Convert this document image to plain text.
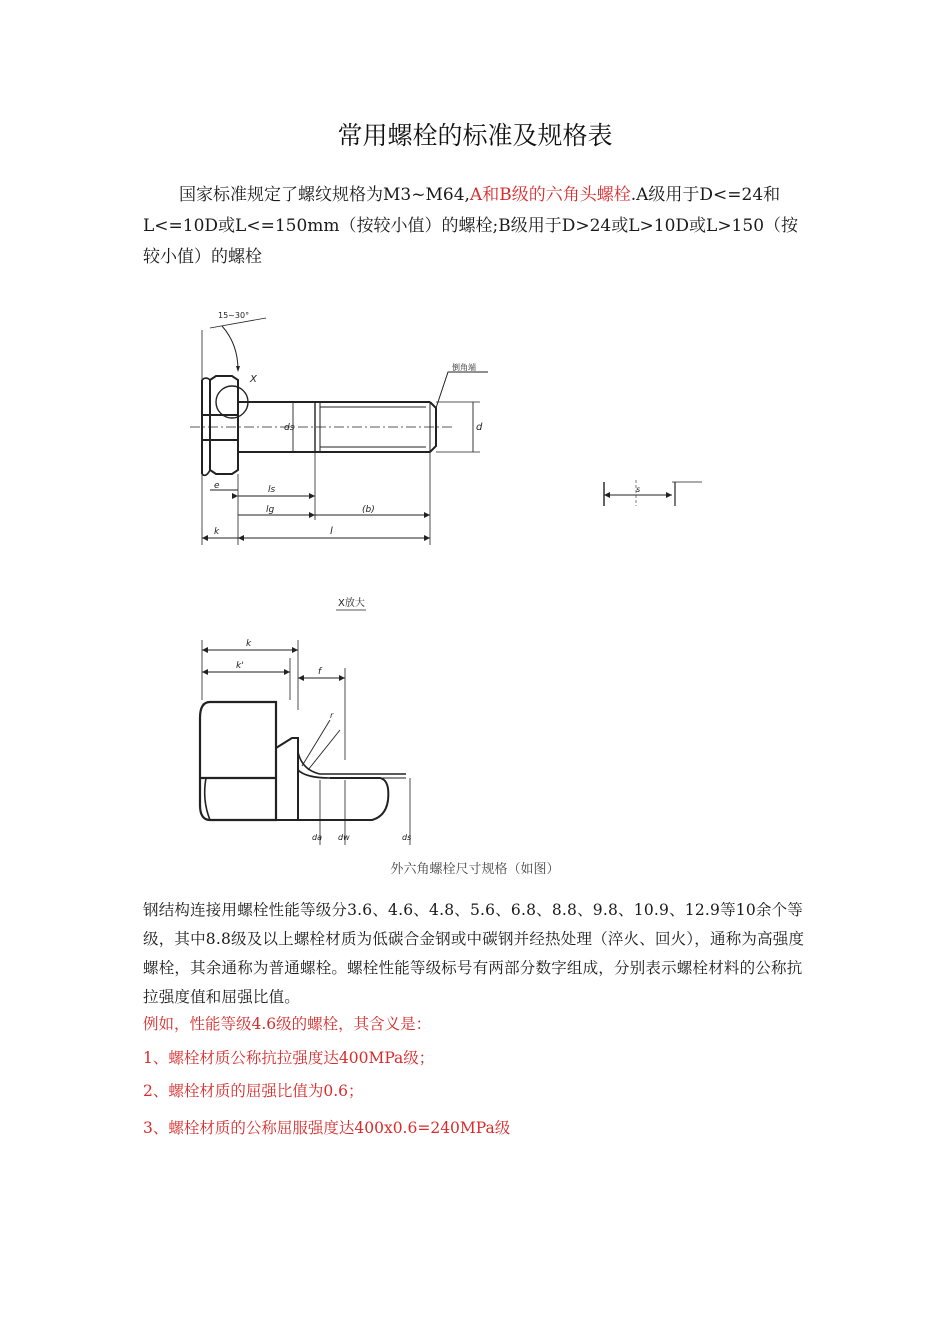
常用螺栓的标准及规格表
国家标准规定了螺纹规格为M3~M64,A和B级的六角头螺栓.A级用于D<=24和L<=10D或L<=150mm（按较小值）的螺栓;B级用于D>24或L>10D或L>150（按较小值）的螺栓
15~30°
X
倒角端
ds	d
e	ls
lg	(b)
l
k
s
X放大
k
k'
f
r
da dw	ds
外六角螺栓尺寸规格（如图）
钢结构连接用螺栓性能等级分3.6、4.6、4.8、5.6、6.8、8.8、9.8、10.9、12.9等10余个等级，其中8.8级及以上螺栓材质为低碳合金钢或中碳钢并经热处理（淬火、回火），通称为高强度螺栓，其余通称为普通螺栓。螺栓性能等级标号有两部分数字组成，分别表示螺栓材料的公称抗拉强度值和屈强比值。
例如，性能等级4.6级的螺栓，其含义是：
1、螺栓材质公称抗拉强度达400MPa级；
2、螺栓材质的屈强比值为0.6；
3、螺栓材质的公称屈服强度达400x0.6=240MPa级
